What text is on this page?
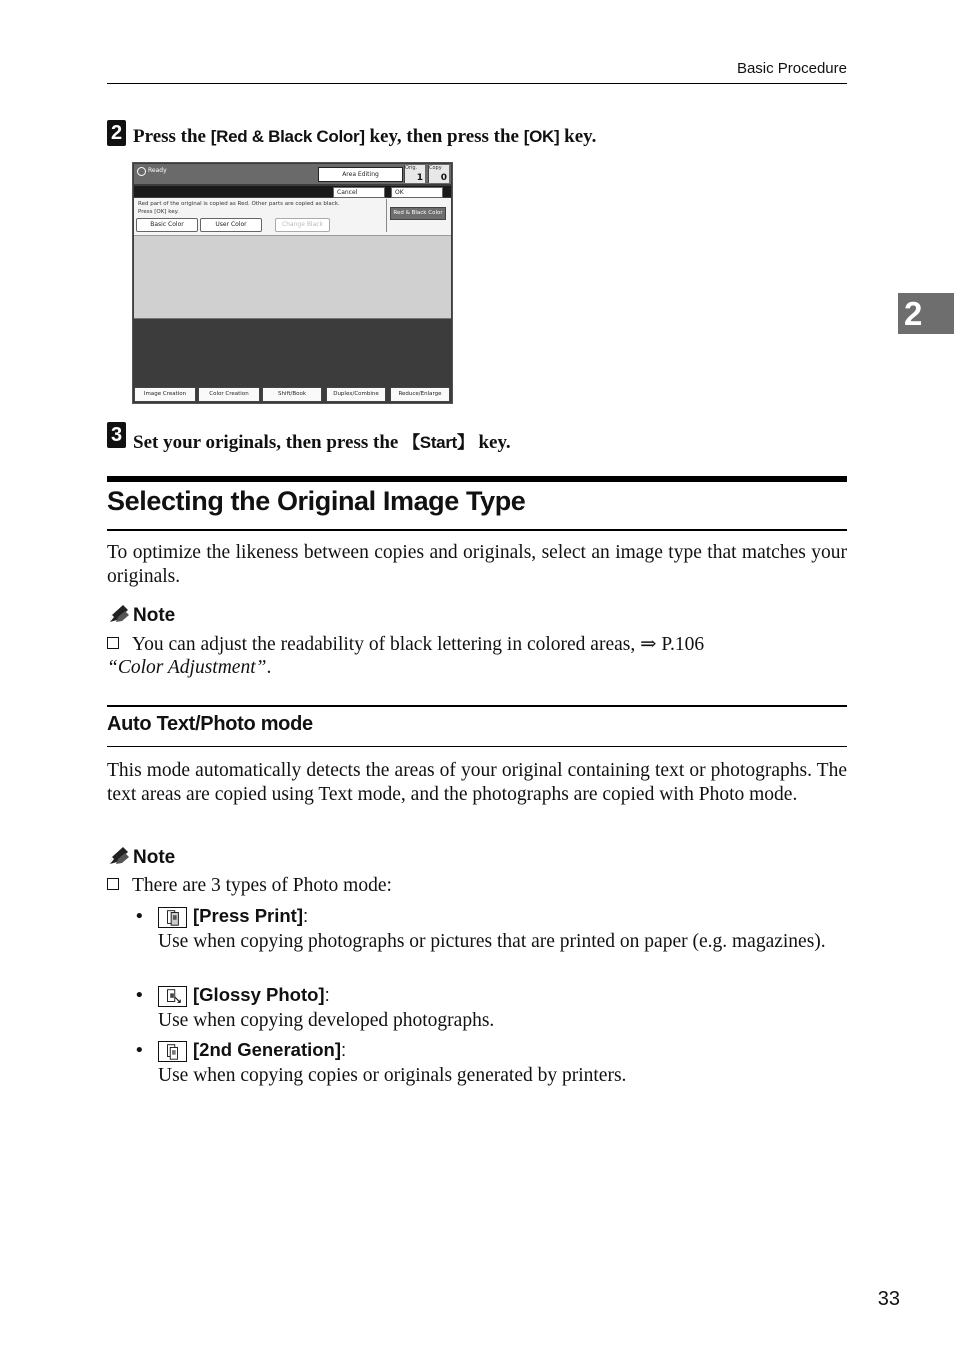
Basic Procedure
2
2 Press the [Red & Black Color] key, then press the [OK] key.
Ready
Area Editing
Orig.
1
Copy
0
Cancel	OK
Red part of the original is copied as Red. Other parts are copied as black.
Press [OK] key.
Basic Color	User Color	Change Black
Red & Black Color
Image Creation	Color Creation	Shift/Book	Duplex/Combine	Reduce/Enlarge
3 Set your originals, then press the 【Start】 key.
Selecting the Original Image Type
To optimize the likeness between copies and originals, select an image type that matches your originals.
Note
You can adjust the readability of black lettering in colored areas, ⇒ P.106
“Color Adjustment”.
Auto Text/Photo mode
This mode automatically detects the areas of your original containing text or photographs. The text areas are copied using Text mode, and the photographs are copied with Photo mode.
Note
There are 3 types of Photo mode:
•	[Press Print]:
Use when copying photographs or pictures that are printed on paper (e.g. magazines).
•	[Glossy Photo]:
Use when copying developed photographs.
•	[2nd Generation]:
Use when copying copies or originals generated by printers.
33
